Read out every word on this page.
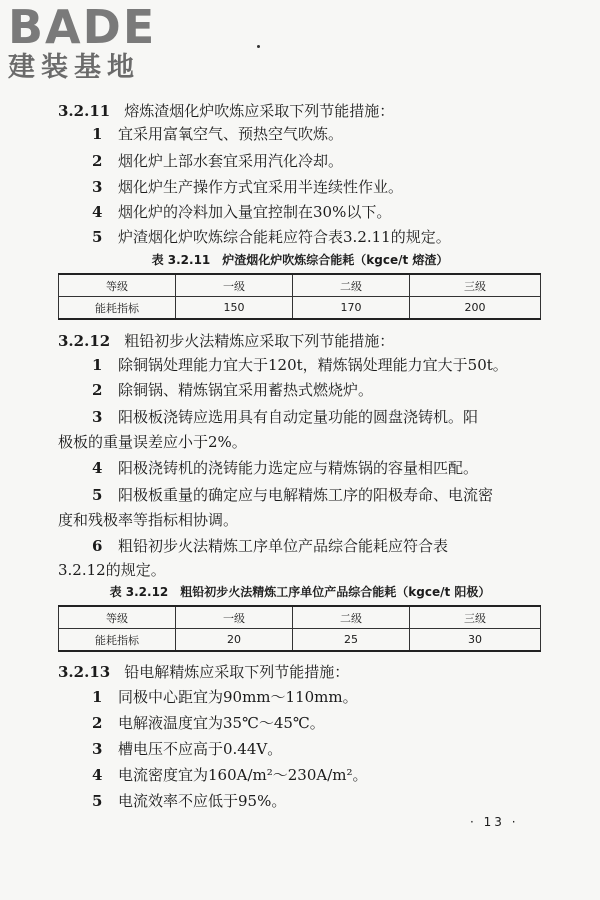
BADE
建装基地
3.2.11 熔炼渣烟化炉吹炼应采取下列节能措施：
1 宜采用富氧空气、预热空气吹炼。
2 烟化炉上部水套宜采用汽化冷却。
3 烟化炉生产操作方式宜采用半连续性作业。
4 烟化炉的冷料加入量宜控制在30%以下。
5 炉渣烟化炉吹炼综合能耗应符合表3.2.11的规定。
表 3.2.11　炉渣烟化炉吹炼综合能耗（kgce/t 熔渣）
等级	一级	二级	三级
能耗指标	150	170	200
3.2.12 粗铅初步火法精炼应采取下列节能措施：
1 除铜锅处理能力宜大于120t，精炼锅处理能力宜大于50t。
2 除铜锅、精炼锅宜采用蓄热式燃烧炉。
3 阳极板浇铸应选用具有自动定量功能的圆盘浇铸机。阳
极板的重量误差应小于2%。
4 阳极浇铸机的浇铸能力选定应与精炼锅的容量相匹配。
5 阳极板重量的确定应与电解精炼工序的阳极寿命、电流密
度和残极率等指标相协调。
6 粗铅初步火法精炼工序单位产品综合能耗应符合表
3.2.12的规定。
表 3.2.12　粗铅初步火法精炼工序单位产品综合能耗（kgce/t 阳极）
等级	一级	二级	三级
能耗指标	20	25	30
3.2.13 铅电解精炼应采取下列节能措施：
1 同极中心距宜为90mm～110mm。
2 电解液温度宜为35℃～45℃。
3 槽电压不应高于0.44V。
4 电流密度宜为160A/m²～230A/m²。
5 电流效率不应低于95%。
· 13 ·
